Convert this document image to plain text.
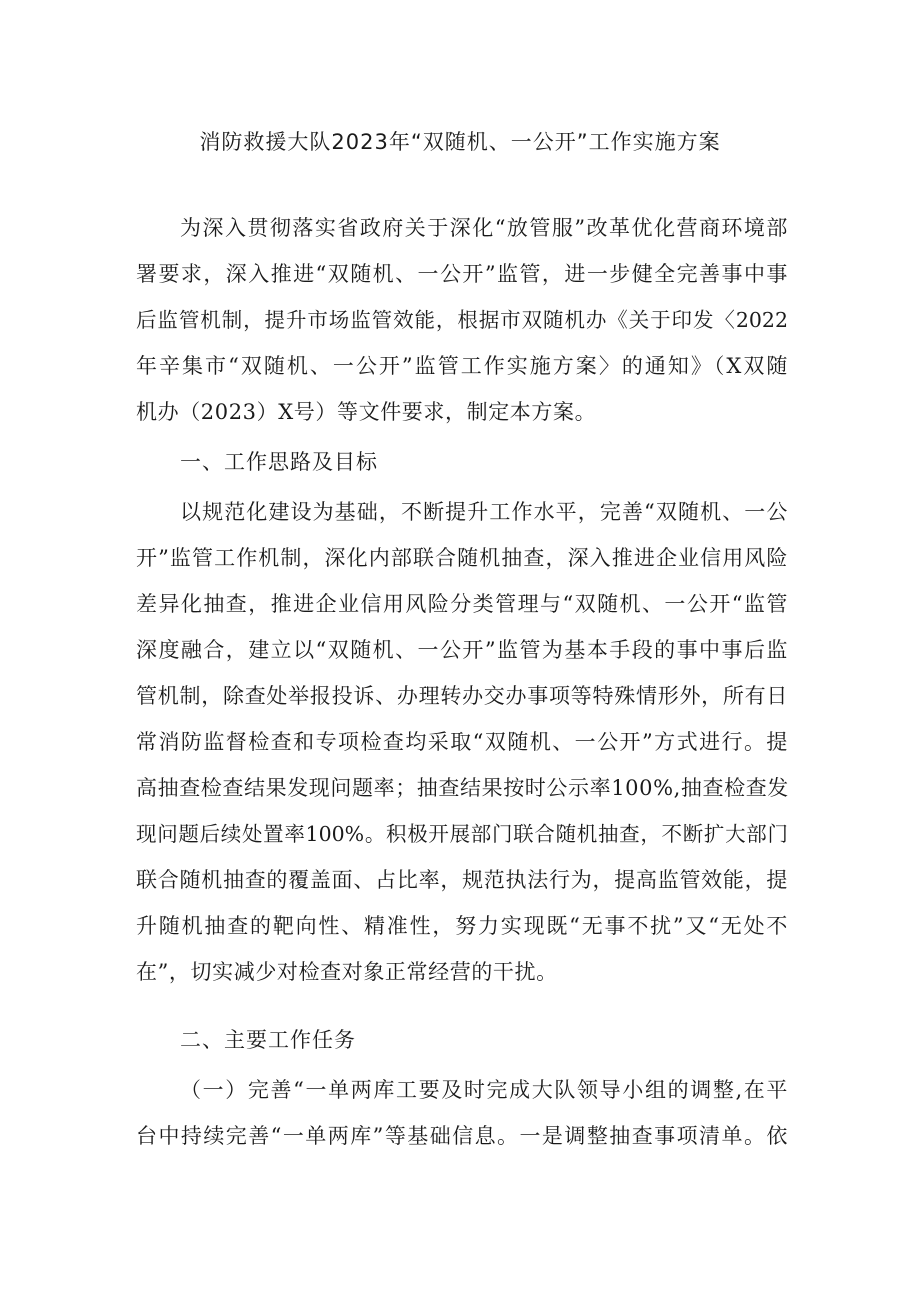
消防救援大队2023年“双随机、一公开”工作实施方案
为深入贯彻落实省政府关于深化“放管服”改革优化营商环境部
署要求，深入推进“双随机、一公开”监管，进一步健全完善事中事
后监管机制，提升市场监管效能，根据市双随机办《关于印发〈2022
年辛集市“双随机、一公开”监管工作实施方案〉的通知》（X双随
机办（2023）X号）等文件要求，制定本方案。
一、工作思路及目标
以规范化建设为基础，不断提升工作水平，完善“双随机、一公
开”监管工作机制，深化内部联合随机抽查，深入推进企业信用风险
差异化抽查，推进企业信用风险分类管理与“双随机、一公开“监管
深度融合，建立以“双随机、一公开”监管为基本手段的事中事后监
管机制，除查处举报投诉、办理转办交办事项等特殊情形外，所有日
常消防监督检查和专项检查均采取“双随机、一公开”方式进行。提
高抽查检查结果发现问题率；抽查结果按时公示率100%,抽查检查发
现问题后续处置率100%。积极开展部门联合随机抽查，不断扩大部门
联合随机抽查的覆盖面、占比率，规范执法行为，提高监管效能，提
升随机抽查的靶向性、精准性，努力实现既“无事不扰”又“无处不
在”，切实减少对检查对象正常经营的干扰。
二、主要工作任务
（一）完善“一单两库工要及时完成大队领导小组的调整,在平
台中持续完善“一单两库”等基础信息。一是调整抽查事项清单。依
